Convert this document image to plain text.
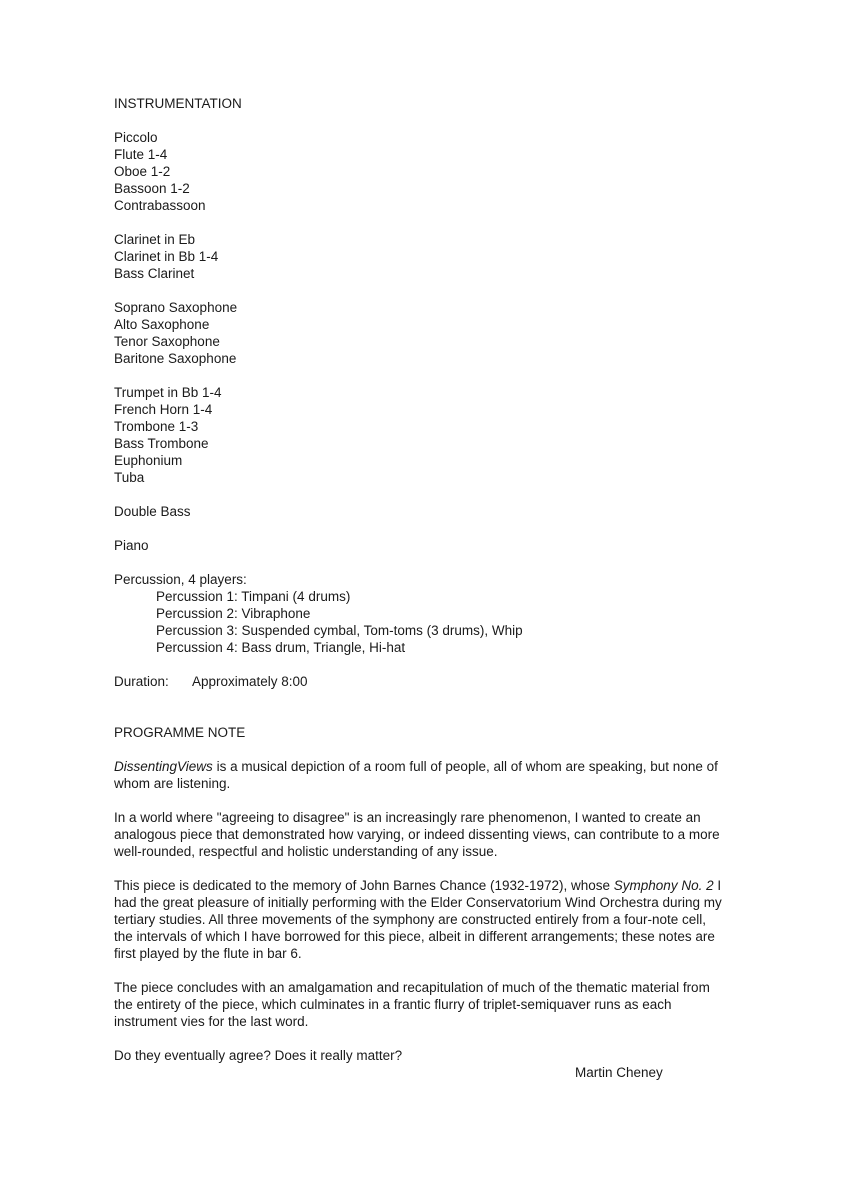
INSTRUMENTATION
Piccolo
Flute 1-4
Oboe 1-2
Bassoon 1-2
Contrabassoon
Clarinet in Eb
Clarinet in Bb 1-4
Bass Clarinet
Soprano Saxophone
Alto Saxophone
Tenor Saxophone
Baritone Saxophone
Trumpet in Bb 1-4
French Horn 1-4
Trombone 1-3
Bass Trombone
Euphonium
Tuba
Double Bass
Piano
Percussion, 4 players:
Percussion 1: Timpani (4 drums)
Percussion 2: Vibraphone
Percussion 3: Suspended cymbal, Tom-toms (3 drums), Whip
Percussion 4: Bass drum, Triangle, Hi-hat
Duration: Approximately 8:00
PROGRAMME NOTE

DissentingViews is a musical depiction of a room full of people, all of whom are speaking, but none of whom are listening.

In a world where "agreeing to disagree" is an increasingly rare phenomenon, I wanted to create an analogous piece that demonstrated how varying, or indeed dissenting views, can contribute to a more well-rounded, respectful and holistic understanding of any issue.

This piece is dedicated to the memory of John Barnes Chance (1932-1972), whose Symphony No. 2 I had the great pleasure of initially performing with the Elder Conservatorium Wind Orchestra during my tertiary studies. All three movements of the symphony are constructed entirely from a four-note cell, the intervals of which I have borrowed for this piece, albeit in different arrangements; these notes are first played by the flute in bar 6.

The piece concludes with an amalgamation and recapitulation of much of the thematic material from the entirety of the piece, which culminates in a frantic flurry of triplet-semiquaver runs as each instrument vies for the last word.

Do they eventually agree? Does it really matter?

Martin Cheney
